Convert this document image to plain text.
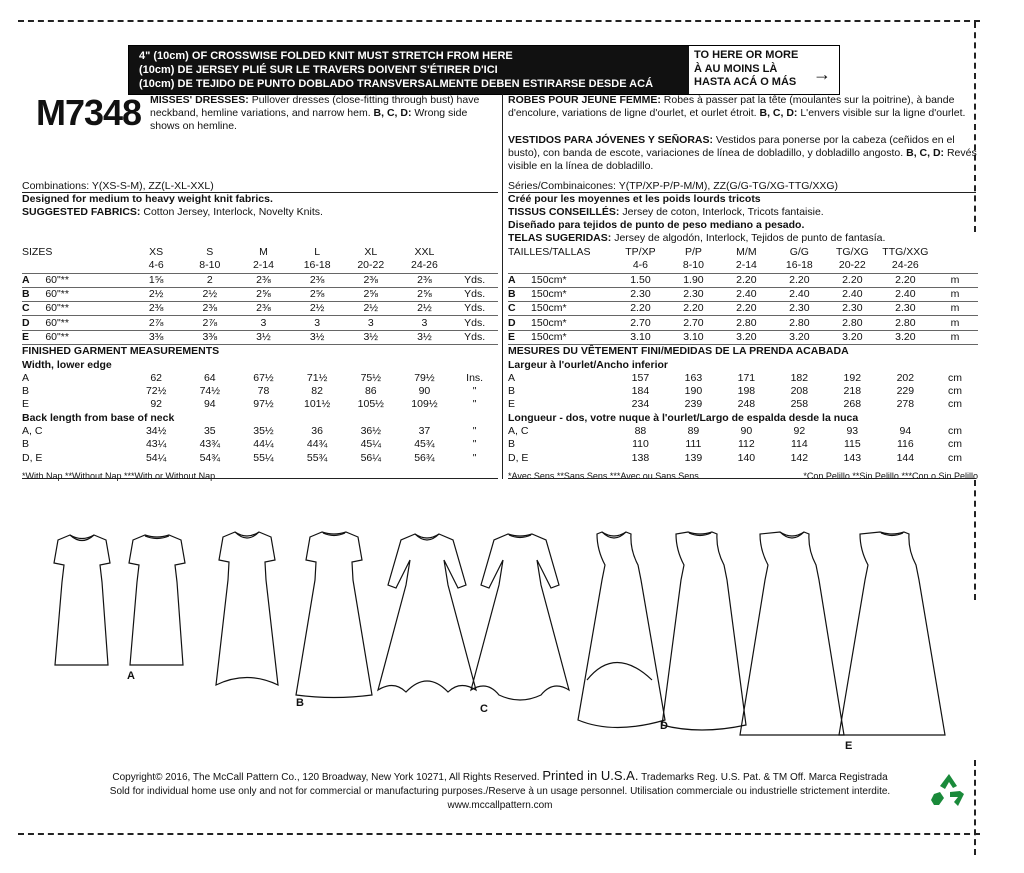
4" (10cm) OF CROSSWISE FOLDED KNIT MUST STRETCH FROM HERE
(10cm) DE JERSEY PLIÉ SUR LE TRAVERS DOIVENT S'ÉTIRER D'ICI
(10cm) DE TEJIDO DE PUNTO DOBLADO TRANSVERSALMENTE DEBEN ESTIRARSE DESDE ACÁ
TO HERE OR MORE
À AU MOINS LÀ
HASTA ACÁ O MÁS →
M7348 MISSES' DRESSES: Pullover dresses (close-fitting through bust) have neckband, hemline variations, and narrow hem. B, C, D: Wrong side shows on hemline.
ROBES POUR JEUNE FEMME: Robes à passer pat la tête (moulantes sur la poitrine), à bande d'encolure, variations de ligne d'ourlet, et ourlet étroit. B, C, D: L'envers visible sur la ligne d'ourlet.
VESTIDOS PARA JÓVENES Y SEÑORAS: Vestidos para ponerse por la cabeza (ceñidos en el busto), con banda de escote, variaciones de línea de dobladillo, y dobladillo angosto. B, C, D: Revés visible en la línea de dobladillo.
Combinations: Y(XS-S-M), ZZ(L-XL-XXL)
Designed for medium to heavy weight knit fabrics.
SUGGESTED FABRICS: Cotton Jersey, Interlock, Novelty Knits.
Séries/Combinaicones: Y(TP/XP-P/P-M/M), ZZ(G/G-TG/XG-TTG/XXG)
Créé pour les moyennes et les poids lourds tricots
TISSUS CONSEILLÉS: Jersey de coton, Interlock, Tricots fantaisie.
Diseñado para tejidos de punto de peso mediano a pesado.
TELAS SUGERIDAS: Jersey de algodón, Interlock, Tejidos de punto de fantasía.
SIZES		XS	S	M	L	XL	XXL	
		4-6	8-10	2-14	16-18	20-22	24-26	
A	60"**	1⅝	2	2⅜	2⅜	2⅜	2⅜	Yds.
B	60"**	2½	2½	2⅝	2⅝	2⅝	2⅝	Yds.
C	60"**	2⅜	2⅜	2⅜	2½	2½	2½	Yds.
D	60"**	2⅞	2⅞	3	3	3	3	Yds.
E	60"**	3⅜	3⅜	3½	3½	3½	3½	Yds.
FINISHED GARMENT MEASUREMENTS								
Width, lower edge								
A		62	64	67½	71½	75½	79½	Ins.
B		72½	74½	78	82	86	90	"
E		92	94	97½	101½	105½	109½	"
Back length from base of neck								
A, C		34½	35	35½	36	36½	37	"
B		43¼	43¾	44¼	44¾	45¼	45¾	"
D, E		54¼	54¾	55¼	55¾	56¼	56¾	"
*With Nap **Without Nap ***With or Without Nap
TAILLES/TALLAS		TP/XP	P/P	M/M	G/G	TG/XG	TTG/XXG	
		4-6	8-10	2-14	16-18	20-22	24-26	
A	150cm*	1.50	1.90	2.20	2.20	2.20	2.20	m
B	150cm*	2.30	2.30	2.40	2.40	2.40	2.40	m
C	150cm*	2.20	2.20	2.20	2.30	2.30	2.30	m
D	150cm*	2.70	2.70	2.80	2.80	2.80	2.80	m
E	150cm*	3.10	3.10	3.20	3.20	3.20	3.20	m
MESURES DU VÊTEMENT FINI/MEDIDAS DE LA PRENDA ACABADA								
Largeur à l'ourlet/Ancho inferior								
A		157	163	171	182	192	202	cm
B		184	190	198	208	218	229	cm
E		234	239	248	258	268	278	cm
Longueur - dos, votre nuque à l'ourlet/Largo de espalda desde la nuca								
A, C		88	89	90	92	93	94	cm
B		110	111	112	114	115	116	cm
D, E		138	139	140	142	143	144	cm
*Avec Sens **Sans Sens ***Avec ou Sans Sens	*Con Pelillo **Sin Pelillo ***Con o Sin Pelillo
A
B	C
D
E
Copyright© 2016, The McCall Pattern Co., 120 Broadway, New York 10271, All Rights Reserved. Printed in U.S.A. Trademarks Reg. U.S. Pat. & TM Off. Marca Registrada
Sold for individual home use only and not for commercial or manufacturing purposes./Reserve à un usage personnel. Utilisation commerciale ou industrielle strictement interdite.
www.mccallpattern.com
